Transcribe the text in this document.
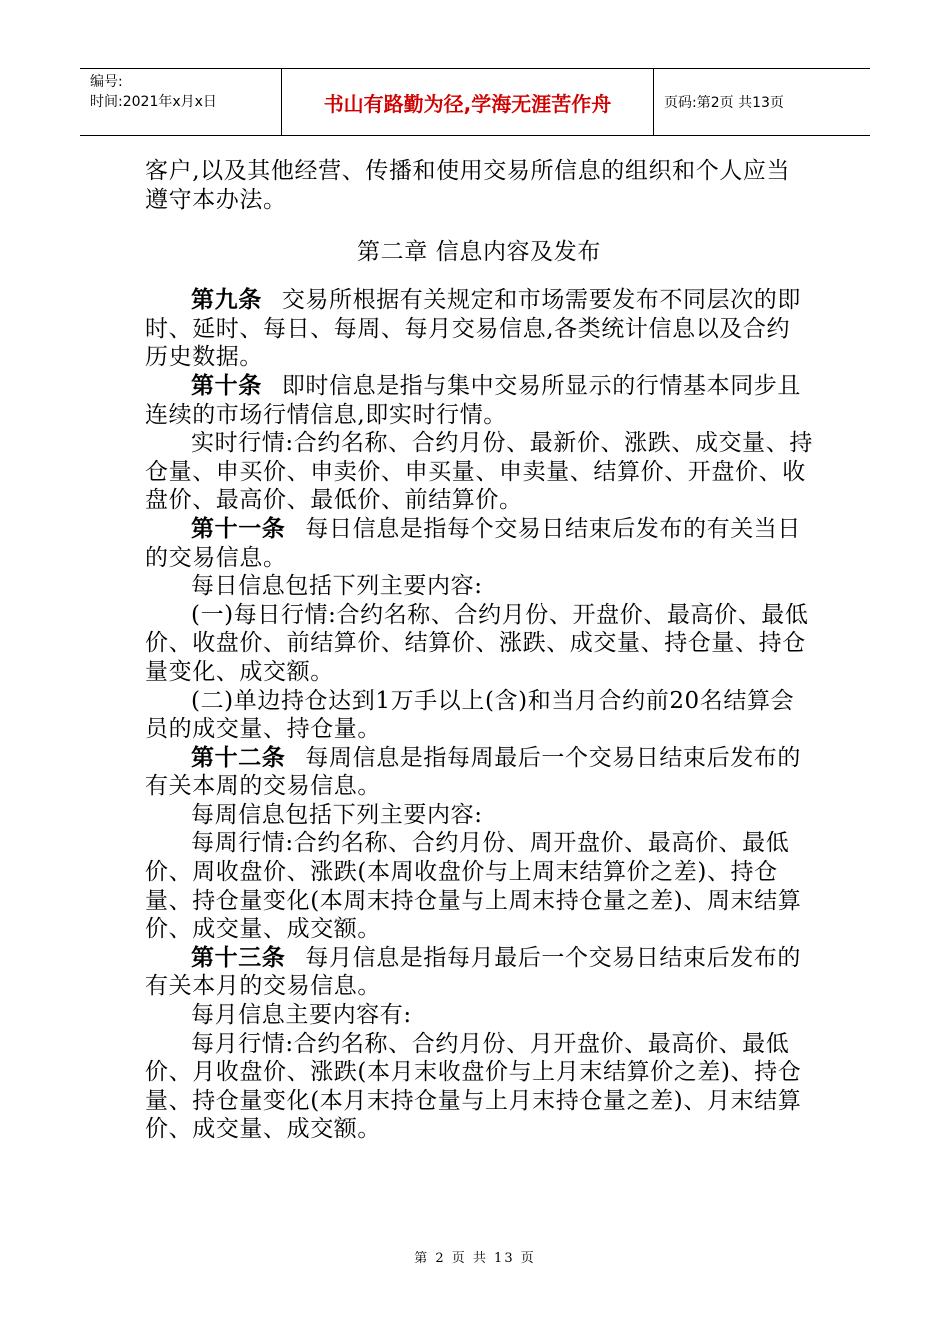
编号:
时间:2021年x月x日	书山有路勤为径,学海无涯苦作舟	页码:第2页 共13页

客户,以及其他经营、传播和使用交易所信息的组织和个人应当遵守本办法。

第二章 信息内容及发布

第九条 交易所根据有关规定和市场需要发布不同层次的即时、延时、每日、每周、每月交易信息,各类统计信息以及合约历史数据。

第十条 即时信息是指与集中交易所显示的行情基本同步且连续的市场行情信息,即实时行情。

实时行情:合约名称、合约月份、最新价、涨跌、成交量、持仓量、申买价、申卖价、申买量、申卖量、结算价、开盘价、收盘价、最高价、最低价、前结算价。

第十一条 每日信息是指每个交易日结束后发布的有关当日的交易信息。

每日信息包括下列主要内容:

(一)每日行情:合约名称、合约月份、开盘价、最高价、最低价、收盘价、前结算价、结算价、涨跌、成交量、持仓量、持仓量变化、成交额。

(二)单边持仓达到1万手以上(含)和当月合约前20名结算会员的成交量、持仓量。

第十二条 每周信息是指每周最后一个交易日结束后发布的有关本周的交易信息。

每周信息包括下列主要内容:

每周行情:合约名称、合约月份、周开盘价、最高价、最低价、周收盘价、涨跌(本周收盘价与上周末结算价之差)、持仓量、持仓量变化(本周末持仓量与上周末持仓量之差)、周末结算价、成交量、成交额。

第十三条 每月信息是指每月最后一个交易日结束后发布的有关本月的交易信息。

每月信息主要内容有:

每月行情:合约名称、合约月份、月开盘价、最高价、最低价、月收盘价、涨跌(本月末收盘价与上月末结算价之差)、持仓量、持仓量变化(本月末持仓量与上月末持仓量之差)、月末结算价、成交量、成交额。

第 2 页 共 13 页
